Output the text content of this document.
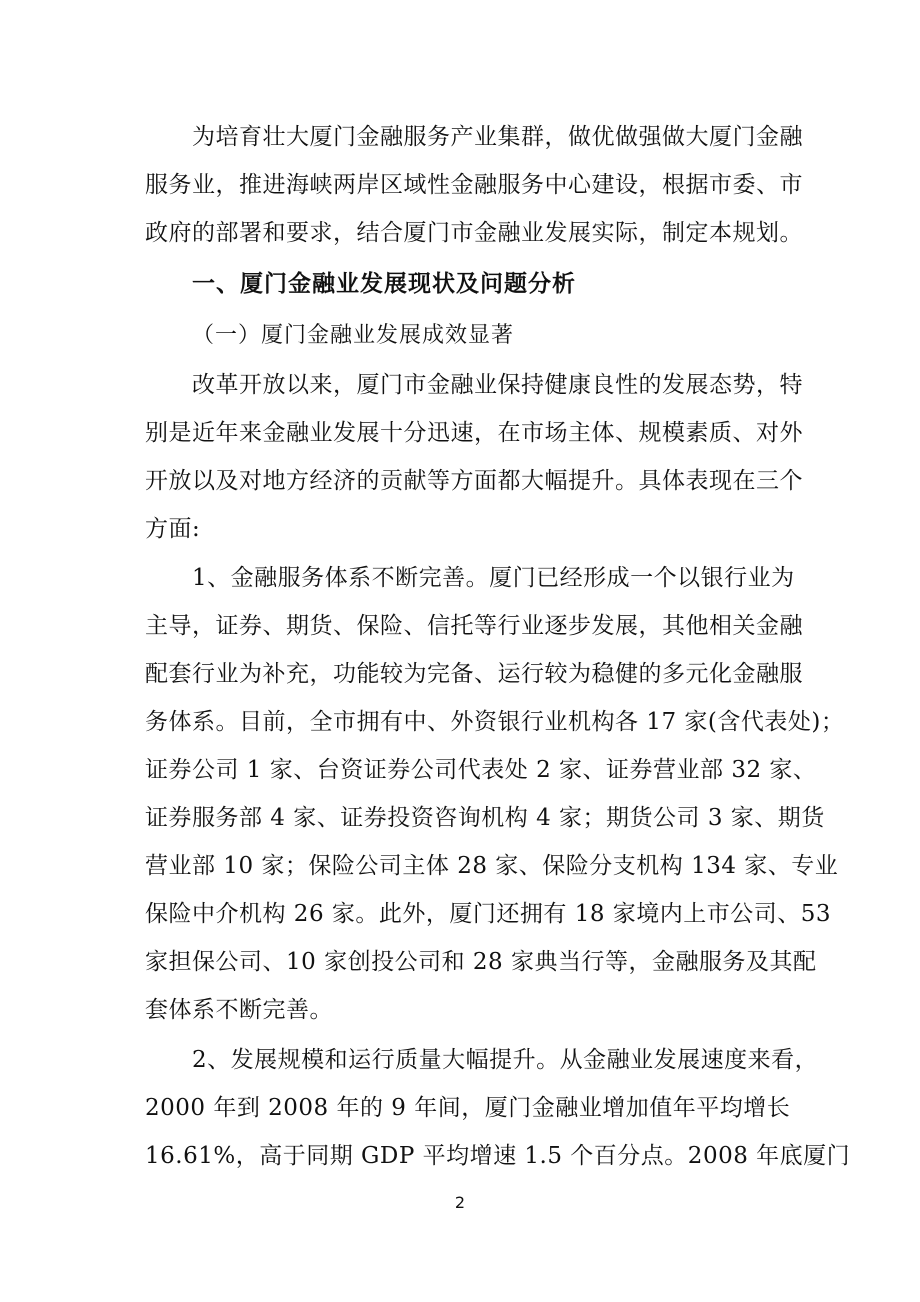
为培育壮大厦门金融服务产业集群，做优做强做大厦门金融
服务业，推进海峡两岸区域性金融服务中心建设，根据市委、市
政府的部署和要求，结合厦门市金融业发展实际，制定本规划。
一、厦门金融业发展现状及问题分析
（一）厦门金融业发展成效显著
改革开放以来，厦门市金融业保持健康良性的发展态势，特
别是近年来金融业发展十分迅速，在市场主体、规模素质、对外
开放以及对地方经济的贡献等方面都大幅提升。具体表现在三个
方面:
1、金融服务体系不断完善。厦门已经形成一个以银行业为
主导，证券、期货、保险、信托等行业逐步发展，其他相关金融
配套行业为补充，功能较为完备、运行较为稳健的多元化金融服
务体系。目前，全市拥有中、外资银行业机构各 17 家(含代表处)；
证券公司 1 家、台资证券公司代表处 2 家、证券营业部 32 家、
证券服务部 4 家、证券投资咨询机构 4 家；期货公司 3 家、期货
营业部 10 家；保险公司主体 28 家、保险分支机构 134 家、专业
保险中介机构 26 家。此外，厦门还拥有 18 家境内上市公司、53
家担保公司、10 家创投公司和 28 家典当行等，金融服务及其配
套体系不断完善。
2、发展规模和运行质量大幅提升。从金融业发展速度来看，
2000 年到 2008 年的 9 年间，厦门金融业增加值年平均增长
16.61%，高于同期 GDP 平均增速 1.5 个百分点。2008 年底厦门
2
